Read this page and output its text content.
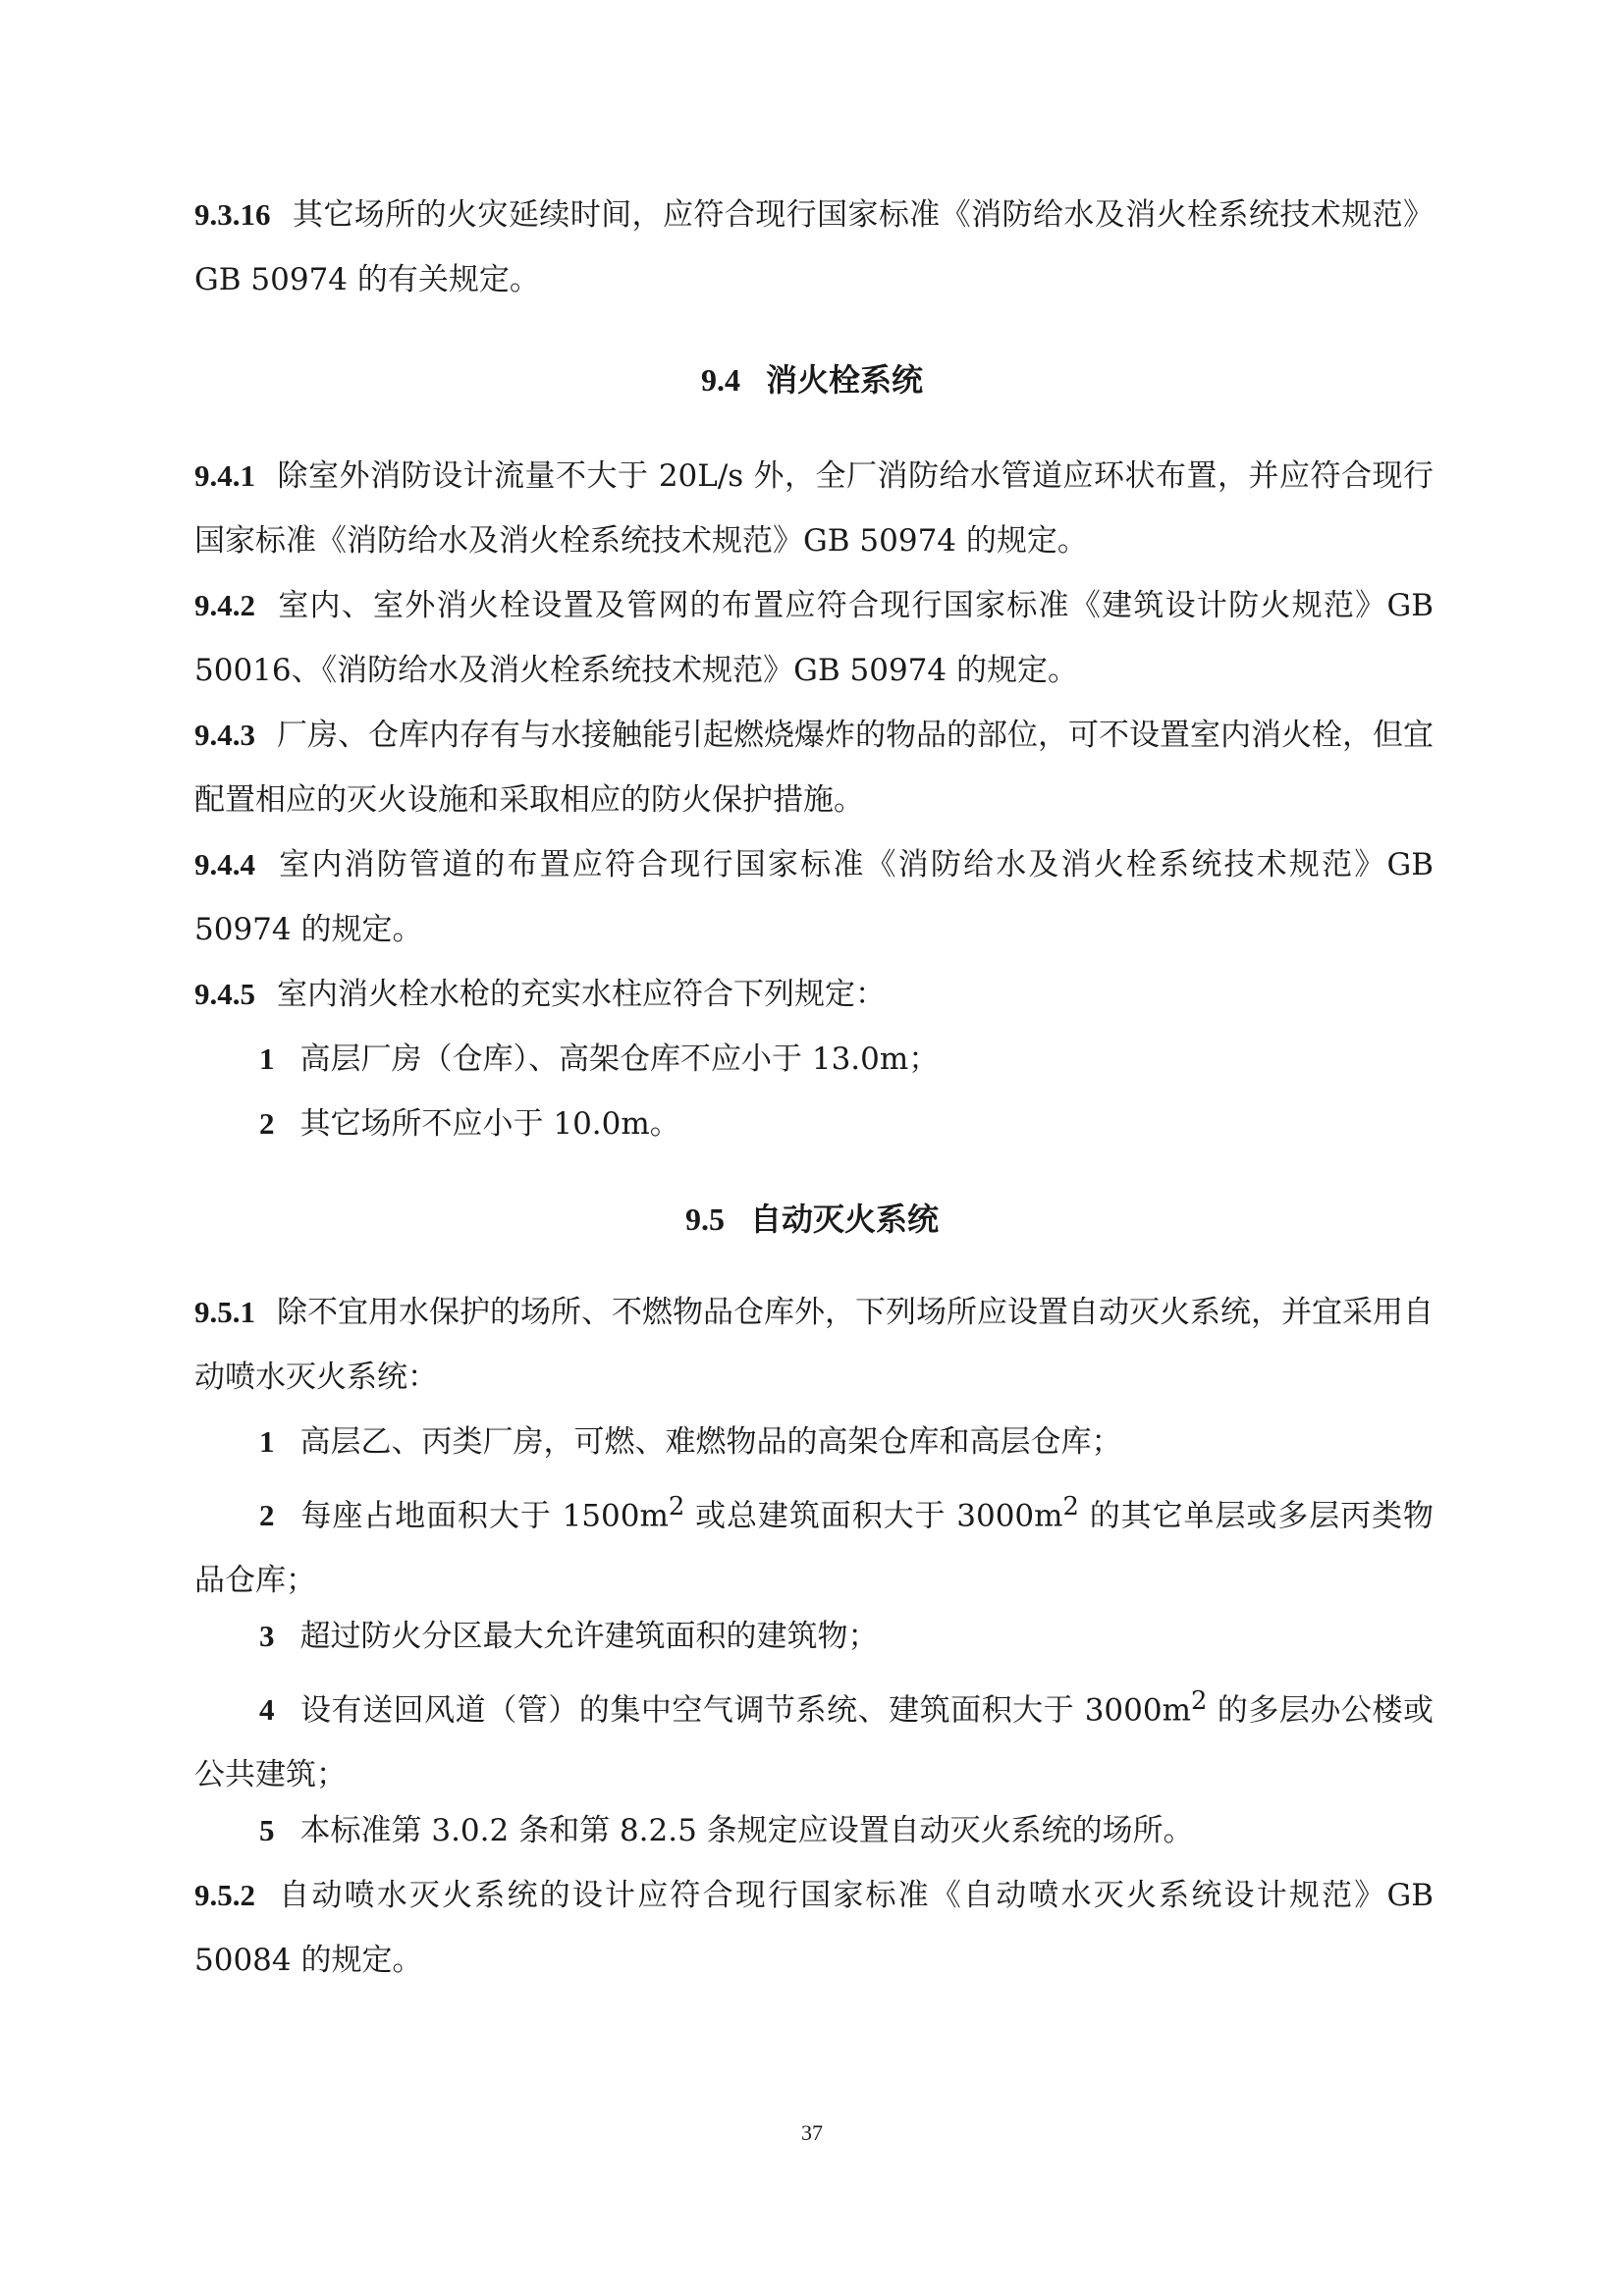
9.3.16 其它场所的火灾延续时间，应符合现行国家标准《消防给水及消火栓系统技术规范》GB 50974 的有关规定。
9.4 消火栓系统
9.4.1 除室外消防设计流量不大于 20L/s 外，全厂消防给水管道应环状布置，并应符合现行国家标准《消防给水及消火栓系统技术规范》GB 50974 的规定。
9.4.2 室内、室外消火栓设置及管网的布置应符合现行国家标准《建筑设计防火规范》GB 50016、《消防给水及消火栓系统技术规范》GB 50974 的规定。
9.4.3 厂房、仓库内存有与水接触能引起燃烧爆炸的物品的部位，可不设置室内消火栓，但宜配置相应的灭火设施和采取相应的防火保护措施。
9.4.4 室内消防管道的布置应符合现行国家标准《消防给水及消火栓系统技术规范》GB 50974 的规定。
9.4.5 室内消火栓水枪的充实水柱应符合下列规定：
1 高层厂房（仓库）、高架仓库不应小于 13.0m；
2 其它场所不应小于 10.0m。
9.5 自动灭火系统
9.5.1 除不宜用水保护的场所、不燃物品仓库外，下列场所应设置自动灭火系统，并宜采用自动喷水灭火系统：
1 高层乙、丙类厂房，可燃、难燃物品的高架仓库和高层仓库；
2 每座占地面积大于 $1500m^2$ 或总建筑面积大于 $3000m^2$ 的其它单层或多层丙类物品仓库；
3 超过防火分区最大允许建筑面积的建筑物；
4 设有送回风道（管）的集中空气调节系统、建筑面积大于 $3000m^2$ 的多层办公楼或公共建筑；
5 本标准第 3.0.2 条和第 8.2.5 条规定应设置自动灭火系统的场所。
9.5.2 自动喷水灭火系统的设计应符合现行国家标准《自动喷水灭火系统设计规范》GB 50084 的规定。
37
